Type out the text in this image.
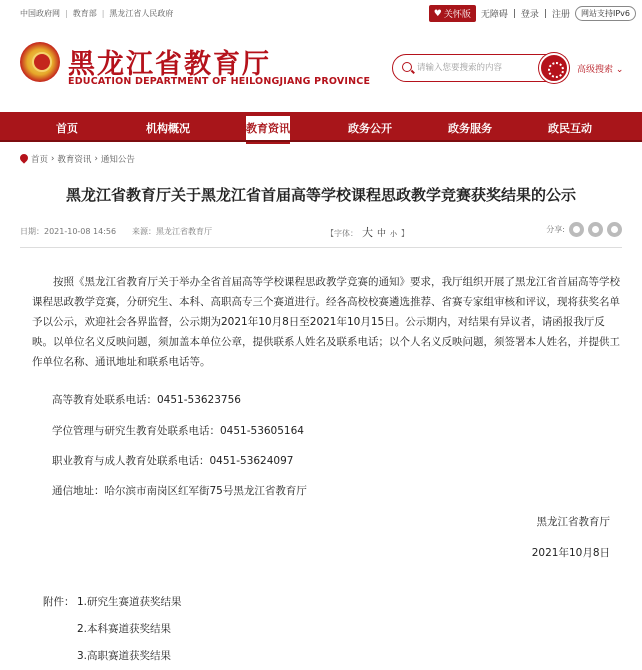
中国政府网 | 教育部 | 黑龙江省人民政府	♥ 关怀版 无障碍 | 登录 | 注册	网站支持IPv6
黑龙江省教育厅
EDUCATION DEPARTMENT OF HEILONGJIANG PROVINCE
请输入您要搜索的内容
高级搜索 ⌄
首页	机构概况	教育资讯	政务公开	政务服务	政民互动
首页 › 教育资讯 › 通知公告
黑龙江省教育厅关于黑龙江省首届高等学校课程思政教学竞赛获奖结果的公示
日期：2021-10-08 14:56 来源：黑龙江省教育厅	【字体： 大 中 小 】	分享:
按照《黑龙江省教育厅关于举办全省首届高等学校课程思政教学竞赛的通知》要求，我厅组织开展了黑龙江省首届高等学校课程思政教学竞赛，分研究生、本科、高职高专三个赛道进行。经各高校校赛遴选推荐、省赛专家组审核和评议，现将获奖名单予以公示，欢迎社会各界监督，公示期为2021年10月8日至2021年10月15日。公示期内，对结果有异议者，请函报我厅反映。以单位名义反映问题，须加盖本单位公章，提供联系人姓名及联系电话；以个人名义反映问题，须签署本人姓名，并提供工作单位名称、通讯地址和联系电话等。
高等教育处联系电话：0451-53623756
学位管理与研究生教育处联系电话：0451-53605164
职业教育与成人教育处联系电话：0451-53624097
通信地址：哈尔滨市南岗区红军街75号黑龙江省教育厅
黑龙江省教育厅
2021年10月8日
附件： 1.研究生赛道获奖结果
2.本科赛道获奖结果
3.高职赛道获奖结果
